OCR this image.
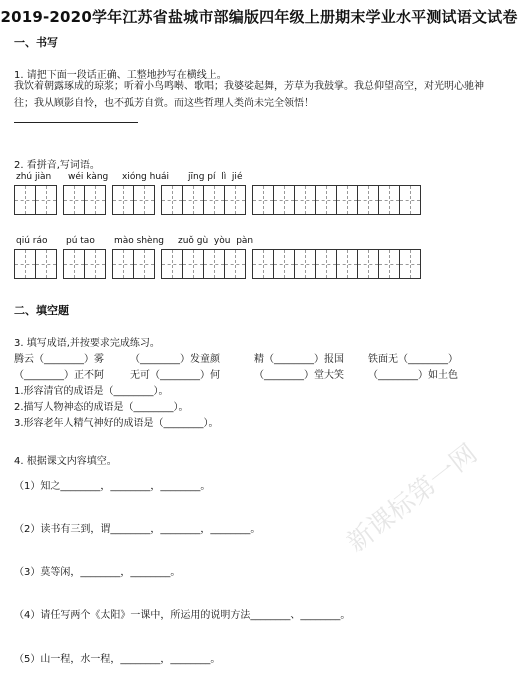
2019-2020学年江苏省盐城市部编版四年级上册期末学业水平测试语文试卷
一、书写
1. 请把下面一段话正确、工整地抄写在横线上。
我饮着朝露琢成的琼浆；听着小鸟鸣啭、歌唱；我婆娑起舞，芳草为我鼓掌。我总仰望高空，对光明心驰神
往；我从顾影自怜，也不孤芳自赏。而这些哲理人类尚未完全领悟！
2. 看拼音,写词语。
zhú jiàn wéi kàng xióng huái jīng pí  lì  jié
qiú ráo pú tao mào shèng zuǒ gù  yòu  pàn
二、填空题
3. 填写成语,并按要求完成练习。
腾云（________）雾	（________）发童颜	精（________）报国 铁面无（________）
（________）正不阿	无可（________）何	（________）堂大笑 （________）如土色
1.形容清官的成语是（________）。
2.描写人物神态的成语是（________）。
3.形容老年人精气神好的成语是（________）。
4. 根据课文内容填空。
（1）知之________，________，________。
（2）读书有三到，谓________，________，________。
（3）莫等闲，________，________。
（4）请任写两个《太阳》一课中，所运用的说明方法________、________。
（5）山一程，水一程，________，________。
新课标第一网
